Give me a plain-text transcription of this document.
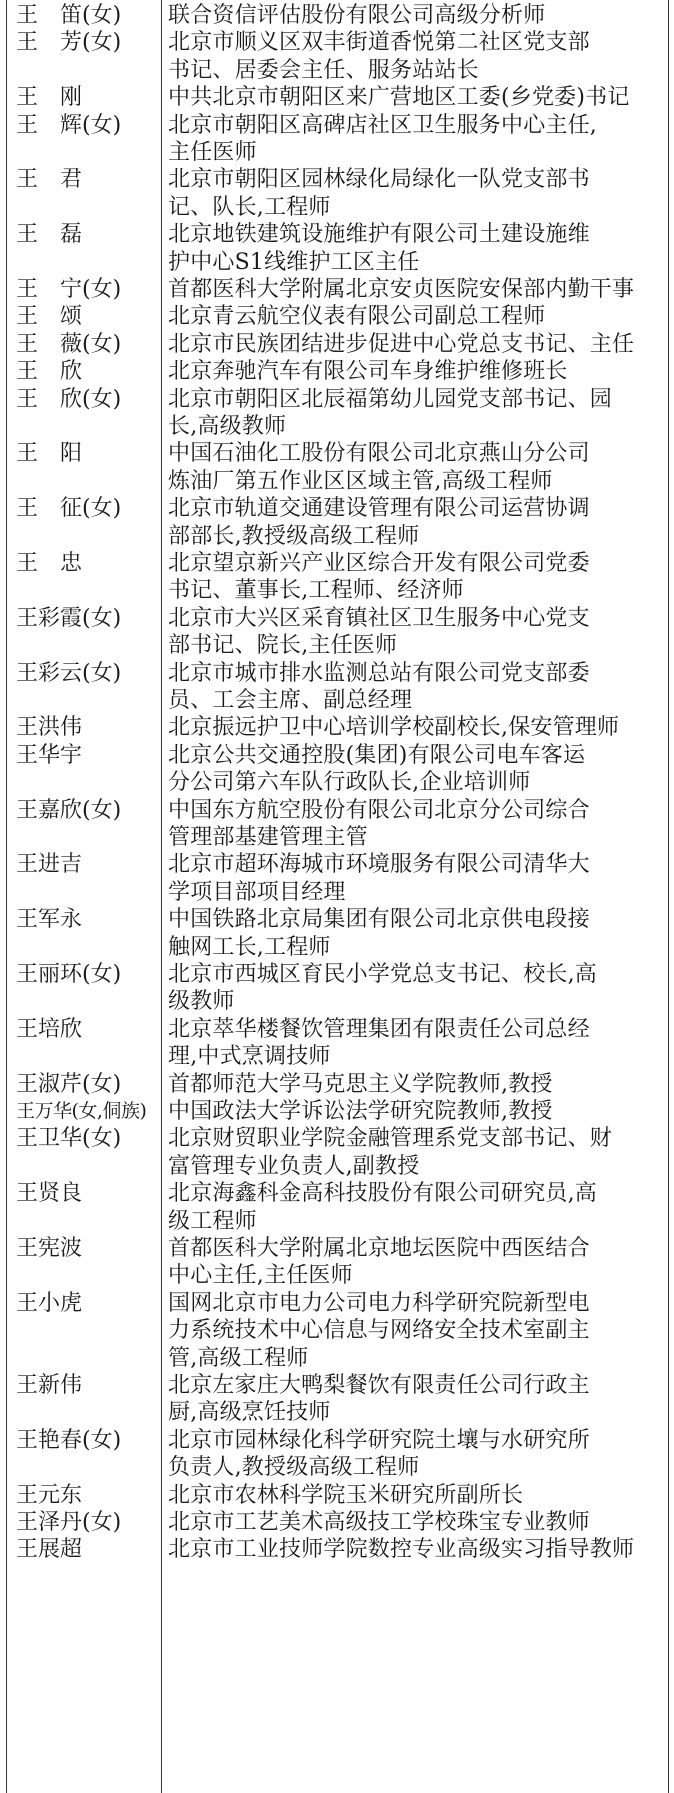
王　笛(女)	联合资信评估股份有限公司高级分析师
王　芳(女)	北京市顺义区双丰街道香悦第二社区党支部
书记、居委会主任、服务站站长
王　刚	中共北京市朝阳区来广营地区工委(乡党委)书记
王　辉(女)	北京市朝阳区高碑店社区卫生服务中心主任,
主任医师
王　君	北京市朝阳区园林绿化局绿化一队党支部书
记、队长,工程师
王　磊	北京地铁建筑设施维护有限公司土建设施维
护中心S1线维护工区主任
王　宁(女)	首都医科大学附属北京安贞医院安保部内勤干事
王　颂	北京青云航空仪表有限公司副总工程师
王　薇(女)	北京市民族团结进步促进中心党总支书记、主任
王　欣	北京奔驰汽车有限公司车身维护维修班长
王　欣(女)	北京市朝阳区北辰福第幼儿园党支部书记、园
长,高级教师
王　阳	中国石油化工股份有限公司北京燕山分公司
炼油厂第五作业区区域主管,高级工程师
王　征(女)	北京市轨道交通建设管理有限公司运营协调
部部长,教授级高级工程师
王　忠	北京望京新兴产业区综合开发有限公司党委
书记、董事长,工程师、经济师
王彩霞(女)	北京市大兴区采育镇社区卫生服务中心党支
部书记、院长,主任医师
王彩云(女)	北京市城市排水监测总站有限公司党支部委
员、工会主席、副总经理
王洪伟	北京振远护卫中心培训学校副校长,保安管理师
王华宇	北京公共交通控股(集团)有限公司电车客运
分公司第六车队行政队长,企业培训师
王嘉欣(女)	中国东方航空股份有限公司北京分公司综合
管理部基建管理主管
王进吉	北京市超环海城市环境服务有限公司清华大
学项目部项目经理
王军永	中国铁路北京局集团有限公司北京供电段接
触网工长,工程师
王丽环(女)	北京市西城区育民小学党总支书记、校长,高
级教师
王培欣	北京萃华楼餐饮管理集团有限责任公司总经
理,中式烹调技师
王淑芹(女)	首都师范大学马克思主义学院教师,教授
王万华(女,侗族) 中国政法大学诉讼法学研究院教师,教授
王卫华(女)	北京财贸职业学院金融管理系党支部书记、财
富管理专业负责人,副教授
王贤良	北京海鑫科金高科技股份有限公司研究员,高
级工程师
王宪波	首都医科大学附属北京地坛医院中西医结合
中心主任,主任医师
王小虎	国网北京市电力公司电力科学研究院新型电
力系统技术中心信息与网络安全技术室副主
管,高级工程师
王新伟	北京左家庄大鸭梨餐饮有限责任公司行政主
厨,高级烹饪技师
王艳春(女)	北京市园林绿化科学研究院土壤与水研究所
负责人,教授级高级工程师
王元东	北京市农林科学院玉米研究所副所长
王泽丹(女)	北京市工艺美术高级技工学校珠宝专业教师
王展超	北京市工业技师学院数控专业高级实习指导教师
